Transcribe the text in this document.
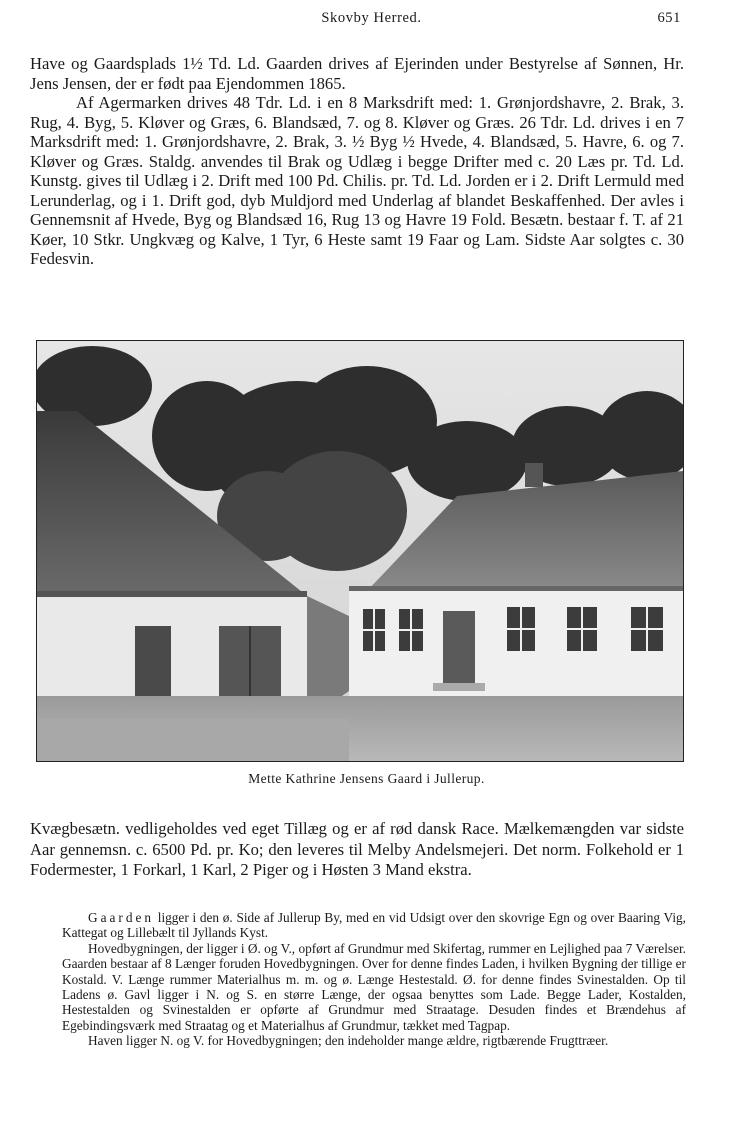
Skovby Herred.	651

Have og Gaardsplads 1½ Td. Ld. Gaarden drives af Ejerinden under Bestyrelse af Sønnen, Hr. Jens Jensen, der er født paa Ejendommen 1865.

Af Agermarken drives 48 Tdr. Ld. i en 8 Marksdrift med: 1. Grønjordshavre, 2. Brak, 3. Rug, 4. Byg, 5. Kløver og Græs, 6. Blandsæd, 7. og 8. Kløver og Græs. 26 Tdr. Ld. drives i en 7 Marksdrift med: 1. Grønjordshavre, 2. Brak, 3. ½ Byg ½ Hvede, 4. Blandsæd, 5. Havre, 6. og 7. Kløver og Græs. Staldg. anvendes til Brak og Udlæg i begge Drifter med c. 20 Læs pr. Td. Ld. Kunstg. gives til Udlæg i 2. Drift med 100 Pd. Chilis. pr. Td. Ld. Jorden er i 2. Drift Lermuld med Lerunderlag, og i 1. Drift god, dyb Muldjord med Underlag af blandet Beskaffenhed. Der avles i Gennemsnit af Hvede, Byg og Blandsæd 16, Rug 13 og Havre 19 Fold. Besætn. bestaar f. T. af 21 Køer, 10 Stkr. Ungkvæg og Kalve, 1 Tyr, 6 Heste samt 19 Faar og Lam. Sidste Aar solgtes c. 30 Fedesvin.

Mette Kathrine Jensens Gaard i Jullerup.

Kvægbesætn. vedligeholdes ved eget Tillæg og er af rød dansk Race. Mælkemængden var sidste Aar gennemsn. c. 6500 Pd. pr. Ko; den leveres til Melby Andelsmejeri. Det norm. Folkehold er 1 Fodermester, 1 Forkarl, 1 Karl, 2 Piger og i Høsten 3 Mand ekstra.

Gaarden ligger i den ø. Side af Jullerup By, med en vid Udsigt over den skovrige Egn og over Baaring Vig, Kattegat og Lillebælt til Jyllands Kyst.

Hovedbygningen, der ligger i Ø. og V., opført af Grundmur med Skifertag, rummer en Lejlighed paa 7 Værelser. Gaarden bestaar af 8 Længer foruden Hovedbygningen. Over for denne findes Laden, i hvilken Bygning der tillige er Kostald. V. Længe rummer Materialhus m. m. og ø. Længe Hestestald. Ø. for denne findes Svinestalden. Op til Ladens ø. Gavl ligger i N. og S. en større Længe, der ogsaa benyttes som Lade. Begge Lader, Kostalden, Hestestalden og Svinestalden er opførte af Grundmur med Straatage. Desuden findes et Brændehus af Egebindingsværk med Straatag og et Materialhus af Grundmur, tækket med Tagpap.

Haven ligger N. og V. for Hovedbygningen; den indeholder mange ældre, rigtbærende Frugttræer.
